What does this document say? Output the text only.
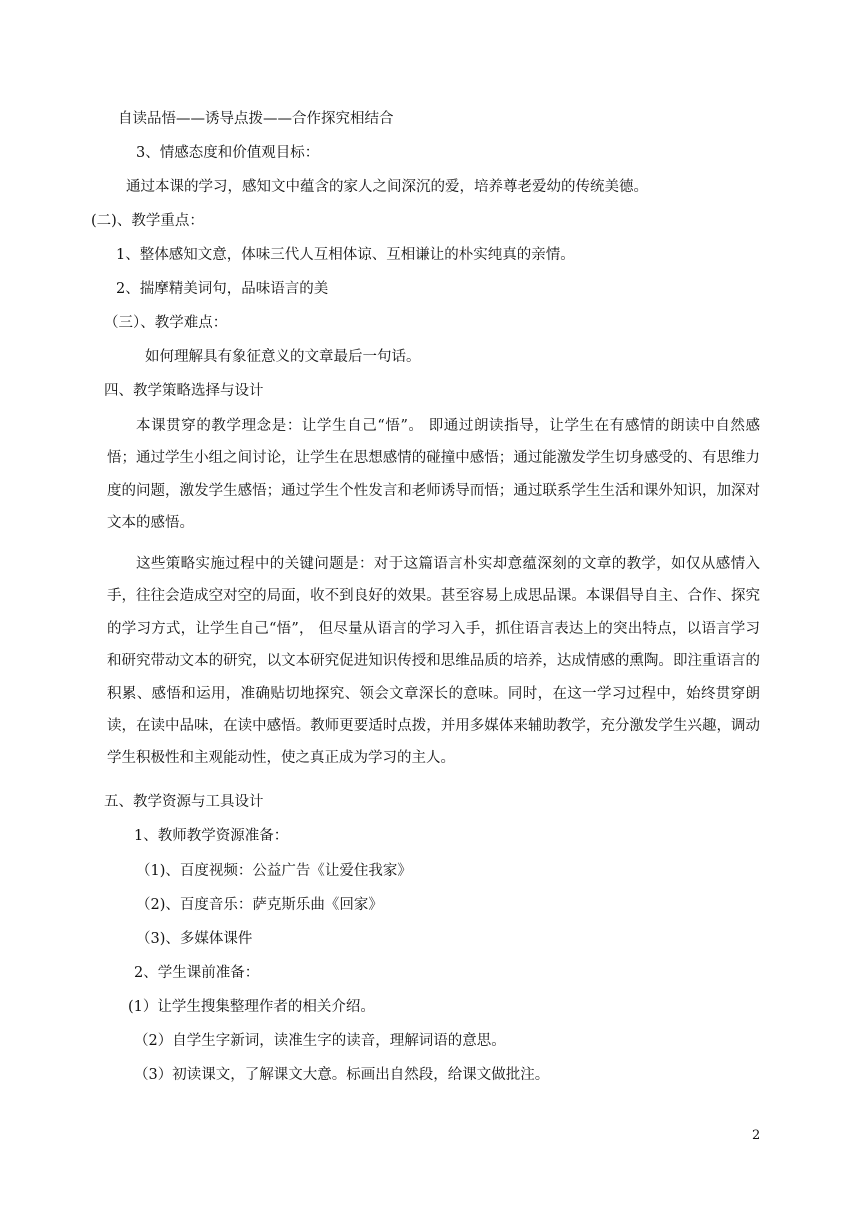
自读品悟——诱导点拨——合作探究相结合
3、情感态度和价值观目标：
通过本课的学习，感知文中蕴含的家人之间深沉的爱，培养尊老爱幼的传统美德。
(二)、教学重点：
1、整体感知文意，体味三代人互相体谅、互相谦让的朴实纯真的亲情。
2、揣摩精美词句，品味语言的美
（三）、教学难点：
如何理解具有象征意义的文章最后一句话。
四、教学策略选择与设计
本课贯穿的教学理念是：让学生自己“悟”。 即通过朗读指导，让学生在有感情的朗读中自然感悟；通过学生小组之间讨论，让学生在思想感情的碰撞中感悟；通过能激发学生切身感受的、有思维力度的问题，激发学生感悟；通过学生个性发言和老师诱导而悟；通过联系学生生活和课外知识，加深对文本的感悟。
这些策略实施过程中的关键问题是：对于这篇语言朴实却意蕴深刻的文章的教学，如仅从感情入手，往往会造成空对空的局面，收不到良好的效果。甚至容易上成思品课。本课倡导自主、合作、探究的学习方式，让学生自己“悟”， 但尽量从语言的学习入手，抓住语言表达上的突出特点，以语言学习和研究带动文本的研究，以文本研究促进知识传授和思维品质的培养，达成情感的熏陶。即注重语言的积累、感悟和运用，准确贴切地探究、领会文章深长的意味。同时，在这一学习过程中，始终贯穿朗读，在读中品味，在读中感悟。教师更要适时点拨，并用多媒体来辅助教学，充分激发学生兴趣，调动学生积极性和主观能动性，使之真正成为学习的主人。
五、教学资源与工具设计
1、教师教学资源准备：
（1)、百度视频：公益广告《让爱住我家》
（2)、百度音乐：萨克斯乐曲《回家》
（3)、多媒体课件
2、学生课前准备：
(1）让学生搜集整理作者的相关介绍。
（2）自学生字新词，读准生字的读音，理解词语的意思。
（3）初读课文，了解课文大意。标画出自然段，给课文做批注。
2
